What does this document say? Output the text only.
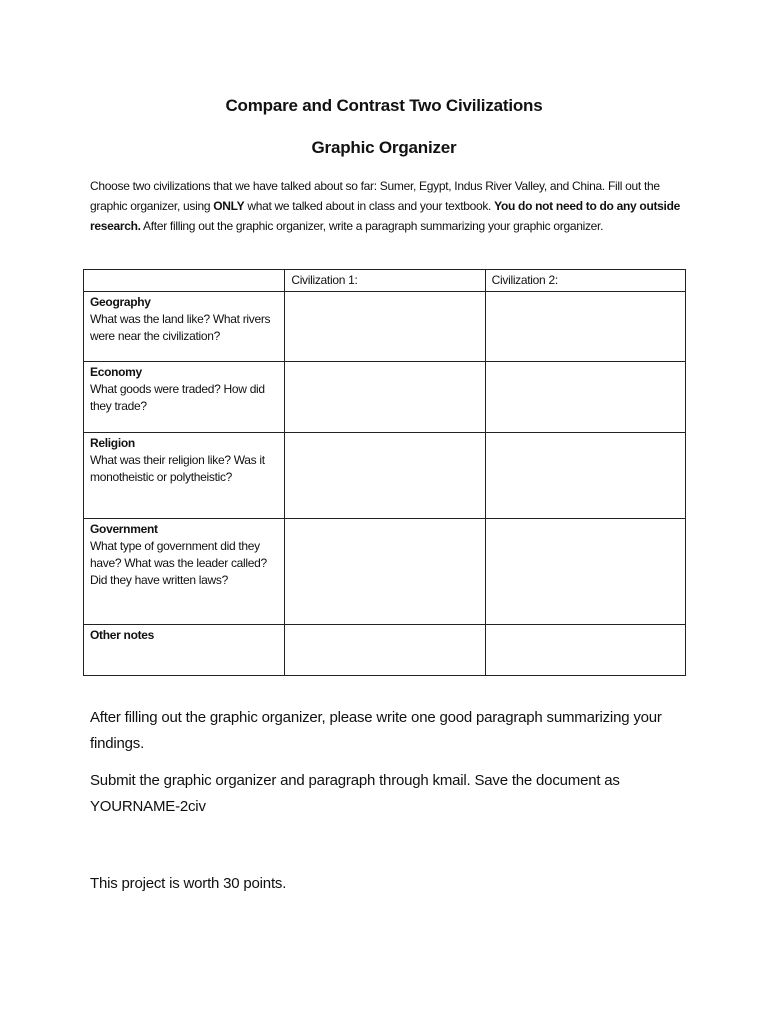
Compare and Contrast Two Civilizations
Graphic Organizer
Choose two civilizations that we have talked about so far: Sumer, Egypt, Indus River Valley, and China. Fill out the graphic organizer, using ONLY what we talked about in class and your textbook. You do not need to do any outside research. After filling out the graphic organizer, write a paragraph summarizing your graphic organizer.
	Civilization 1:	Civilization 2:

Geography
What was the land like? What rivers were near the civilization?		

Economy
What goods were traded? How did they trade?		

Religion
What was their religion like? Was it monotheistic or polytheistic?		

Government
What type of government did they have? What was the leader called? Did they have written laws?		

Other notes		

After filling out the graphic organizer, please write one good paragraph summarizing your findings.
Submit the graphic organizer and paragraph through kmail. Save the document as YOURNAME-2civ
This project is worth 30 points.
